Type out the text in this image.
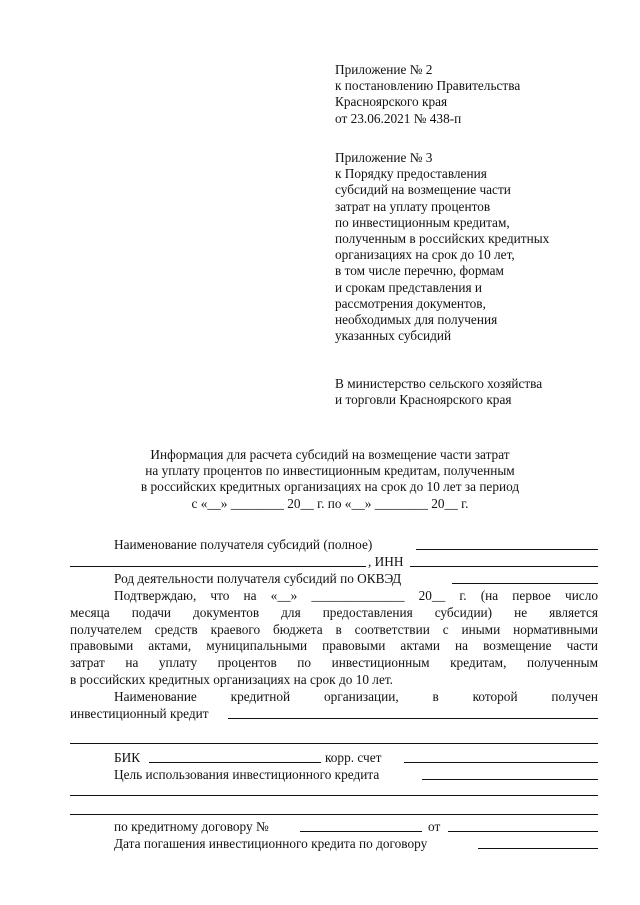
Приложение № 2
к постановлению Правительства
Красноярского края
от 23.06.2021 № 438-п
Приложение № 3
к Порядку предоставления
субсидий на возмещение части
затрат на уплату процентов
по инвестиционным кредитам,
полученным в российских кредитных
организациях на срок до 10 лет,
в том числе перечню, формам
и срокам представления и
рассмотрения документов,
необходимых для получения
указанных субсидий
В министерство сельского хозяйства
и торговли Красноярского края
Информация для расчета субсидий на возмещение части затрат
на уплату процентов по инвестиционным кредитам, полученным
в российских кредитных организациях на срок до 10 лет за период
с «__» ________ 20__ г. по «__» ________ 20__ г.
Наименование получателя субсидий (полное)
, ИНН
Род деятельности получателя субсидий по ОКВЭД
Подтверждаю, что на «__» ______________ 20__ г. (на первое число
месяца подачи документов для предоставления субсидии) не является
получателем средств краевого бюджета в соответствии с иными нормативными
правовыми актами, муниципальными правовыми актами на возмещение части
затрат на уплату процентов по инвестиционным кредитам, полученным
в российских кредитных организациях на срок до 10 лет.
Наименование кредитной организации, в которой получен
инвестиционный кредит
БИК	корр. счет
Цель использования инвестиционного кредита
по кредитному договору №	от
Дата погашения инвестиционного кредита по договору
